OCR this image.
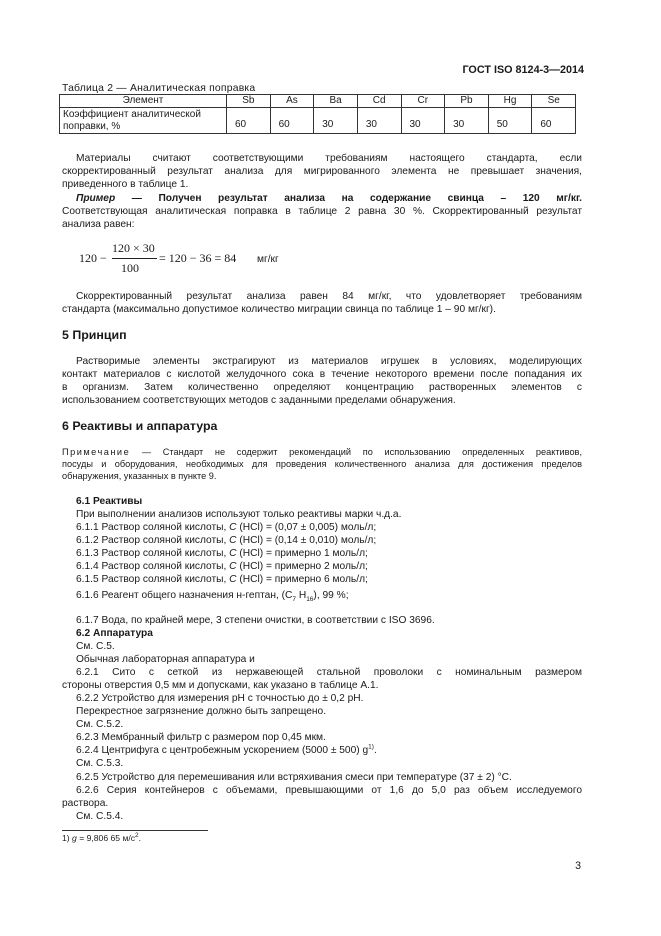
ГОСТ ISO 8124-3—2014
Таблица 2 — Аналитическая поправка
Элемент	Sb	As	Ba	Cd	Cr	Pb	Hg	Se
Коэффициент аналитической
поправки, %	60	60	30	30	30	30	50	60
Материалы считают соответствующими требованиям настоящего стандарта, если
скорректированный результат анализа для мигрированного элемента не превышает значения,
приведенного в таблице 1.
Пример — Получен результат анализа на содержание свинца – 120 мг/кг.
Соответствующая аналитическая поправка в таблице 2 равна 30 %. Скорректированный результат
анализа равен:
120 −
120 × 30
100
= 120 − 36 = 84 мг/кг
Скорректированный результат анализа равен 84 мг/кг, что удовлетворяет требованиям
стандарта (максимально допустимое количество миграции свинца по таблице 1 – 90 мг/кг).
5 Принцип
Растворимые элементы экстрагируют из материалов игрушек в условиях, моделирующих
контакт материалов с кислотой желудочного сока в течение некоторого времени после попадания их
в организм. Затем количественно определяют концентрацию растворенных элементов с
использованием соответствующих методов с заданными пределами обнаружения.
6 Реактивы и аппаратура
Примечание — Стандарт не содержит рекомендаций по использованию определенных реактивов,
посуды и оборудования, необходимых для проведения количественного анализа для достижения пределов
обнаружения, указанных в пункте 9.
6.1 Реактивы
При выполнении анализов используют только реактивы марки ч.д.а.
6.1.1 Раствор соляной кислоты, C (HCl) = (0,07 ± 0,005) моль/л;
6.1.2 Раствор соляной кислоты, C (HCl) = (0,14 ± 0,010) моль/л;
6.1.3 Раствор соляной кислоты, C (HCl) = примерно 1 моль/л;
6.1.4 Раствор соляной кислоты, C (HCl) = примерно 2 моль/л;
6.1.5 Раствор соляной кислоты, C (HCl) = примерно 6 моль/л;
6.1.6 Реагент общего назначения н-гептан, ($C_7$ $H_{16}$), 99 %;
6.1.7 Вода, по крайней мере, 3 степени очистки, в соответствии с ISO 3696.
6.2 Аппаратура
См. С.5.
Обычная лабораторная аппаратура и
6.2.1 Сито с сеткой из нержавеющей стальной проволоки с номинальным размером
стороны отверстия 0,5 мм и допусками, как указано в таблице А.1.
6.2.2 Устройство для измерения pH с точностью до ± 0,2 pH.
Перекрестное загрязнение должно быть запрещено.
См. С.5.2.
6.2.3 Мембранный фильтр с размером пор 0,45 мкм.
6.2.4 Центрифуга с центробежным ускорением (5000 ± 500) $g^{1)}$.
См. С.5.3.
6.2.5 Устройство для перемешивания или встряхивания смеси при температуре (37 ± 2) °С.
6.2.6 Серия контейнеров с объемами, превышающими от 1,6 до 5,0 раз объем исследуемого
раствора.
См. С.5.4.
1) g = 9,806 65 $м/с^2$.
3
